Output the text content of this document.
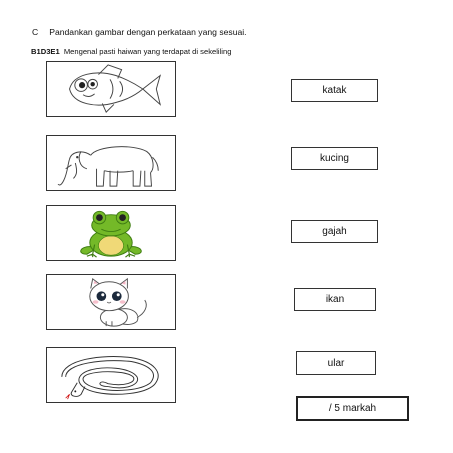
C Pandankan gambar dengan perkataan yang sesuai.
B1D3E1 Mengenal pasti haiwan yang terdapat di sekeliling
katak
kucing
gajah
ikan
ular
/ 5 markah
